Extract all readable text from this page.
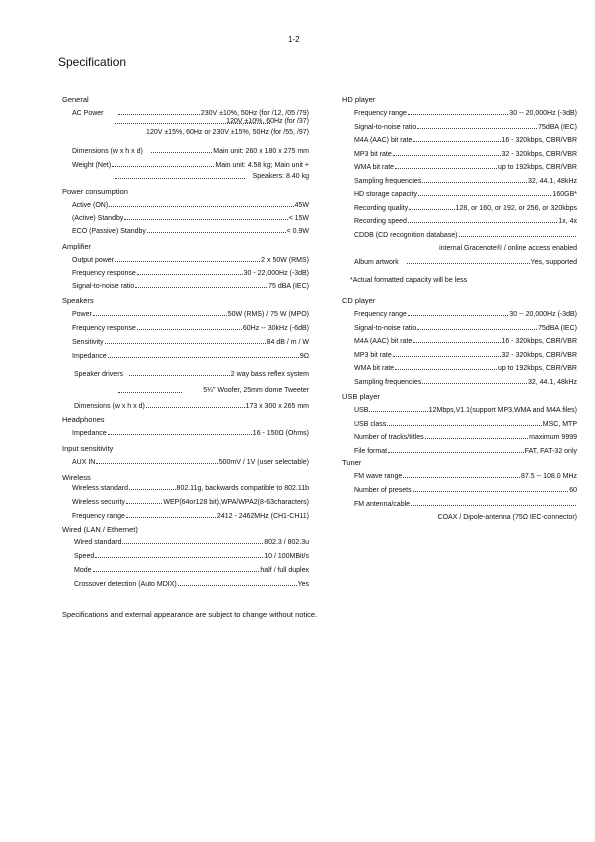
1-2
Specification
General
AC Power	230V ±10%, 50Hz (for /12, /05 /79)
120V ±10%, 60Hz (for /37)
120V ±15%, 60Hz or 230V ±15%, 50Hz (for /55, /97)
Dimensions (w x h x d)	Main unit: 260 x 180 x 275 mm
Weight (Net)	Main unit: 4.58 kg; Main unit +
Speakers: 8.40 kg
Power consumption
Active (ON)	45W
(Active) Standby	< 15W
ECO (Passive) Standby	< 0.9W
Amplifier
Output power	2 x 50W (RMS)
Frequency response	30 - 22,000Hz (-3dB)
Signal-to-noise ratio	75 dBA (IEC)
Speakers
Power	50W (RMS) / 75 W (MPO)
Frequency response	60Hz -- 30kHz (-6dB)
Sensitivity	84 dB / m / W
Impedance	9Ω
Speaker drivers	2 way bass reflex system
5¼" Woofer, 25mm dome Tweeter
Dimensions (w x h x d)	173 x 300 x 265 mm
Headphones
Impedance	16 - 150Ω (Ohms)
Input sensitivity
AUX IN	500mV / 1V (user selectable)
Wireless
Wireless standard	802.11g, backwards compatible to 802.11b
Wireless security	WEP(64or128 bit),WPA/WPA2(8-63characters)
Frequency range	2412 - 2462MHz (CH1-CH11)
Wired (LAN / Ethernet)
Wired standard	802.3 / 802.3u
Speed	10 / 100MBit/s
Mode	half / full duplex
Crossover detection (Auto MDIX)	Yes
HD player
Frequency range	30 -- 20,000Hz (-3dB)
Signal-to-noise ratio	75dBA (IEC)
M4A (AAC) bit rate	16 - 320kbps, CBR/VBR
MP3 bit rate	32 - 320kbps, CBR/VBR
WMA bit rate	up to 192kbps, CBR/VBR
Sampling frequencies	32, 44.1, 48kHz
HD storage capacity	160GB*
Recording quality	128, or 160, or 192, or 256, or 320kbps
Recording speed	1x, 4x
CDDB (CD recognition database)
internal Gracenote® / online access enabled
Album artwork	Yes, supported
*Actual formatted capacity will be less
CD player
Frequency range	30 -- 20,000Hz (-3dB)
Signal-to-noise ratio	75dBA (IEC)
M4A (AAC) bit rate	16 - 320kbps, CBR/VBR
MP3 bit rate	32 - 320kbps, CBR/VBR
WMA bit rate	up to 192kbps, CBR/VBR
Sampling frequencies	32, 44.1, 48kHz
USB player
USB	12Mbps,V1.1(support MP3,WMA and M4A files)
USB class	MSC, MTP
Number of tracks/titles	maximum 9999
File format	FAT, FAT-32 only
Tuner
FM wave range	87.5 -- 108.0 MHz
Number of presets	60
FM antenna/cable
COAX / Dipole-antenna (75Ω IEC-connector)
Specifications and external appearance are subject to change without notice.
